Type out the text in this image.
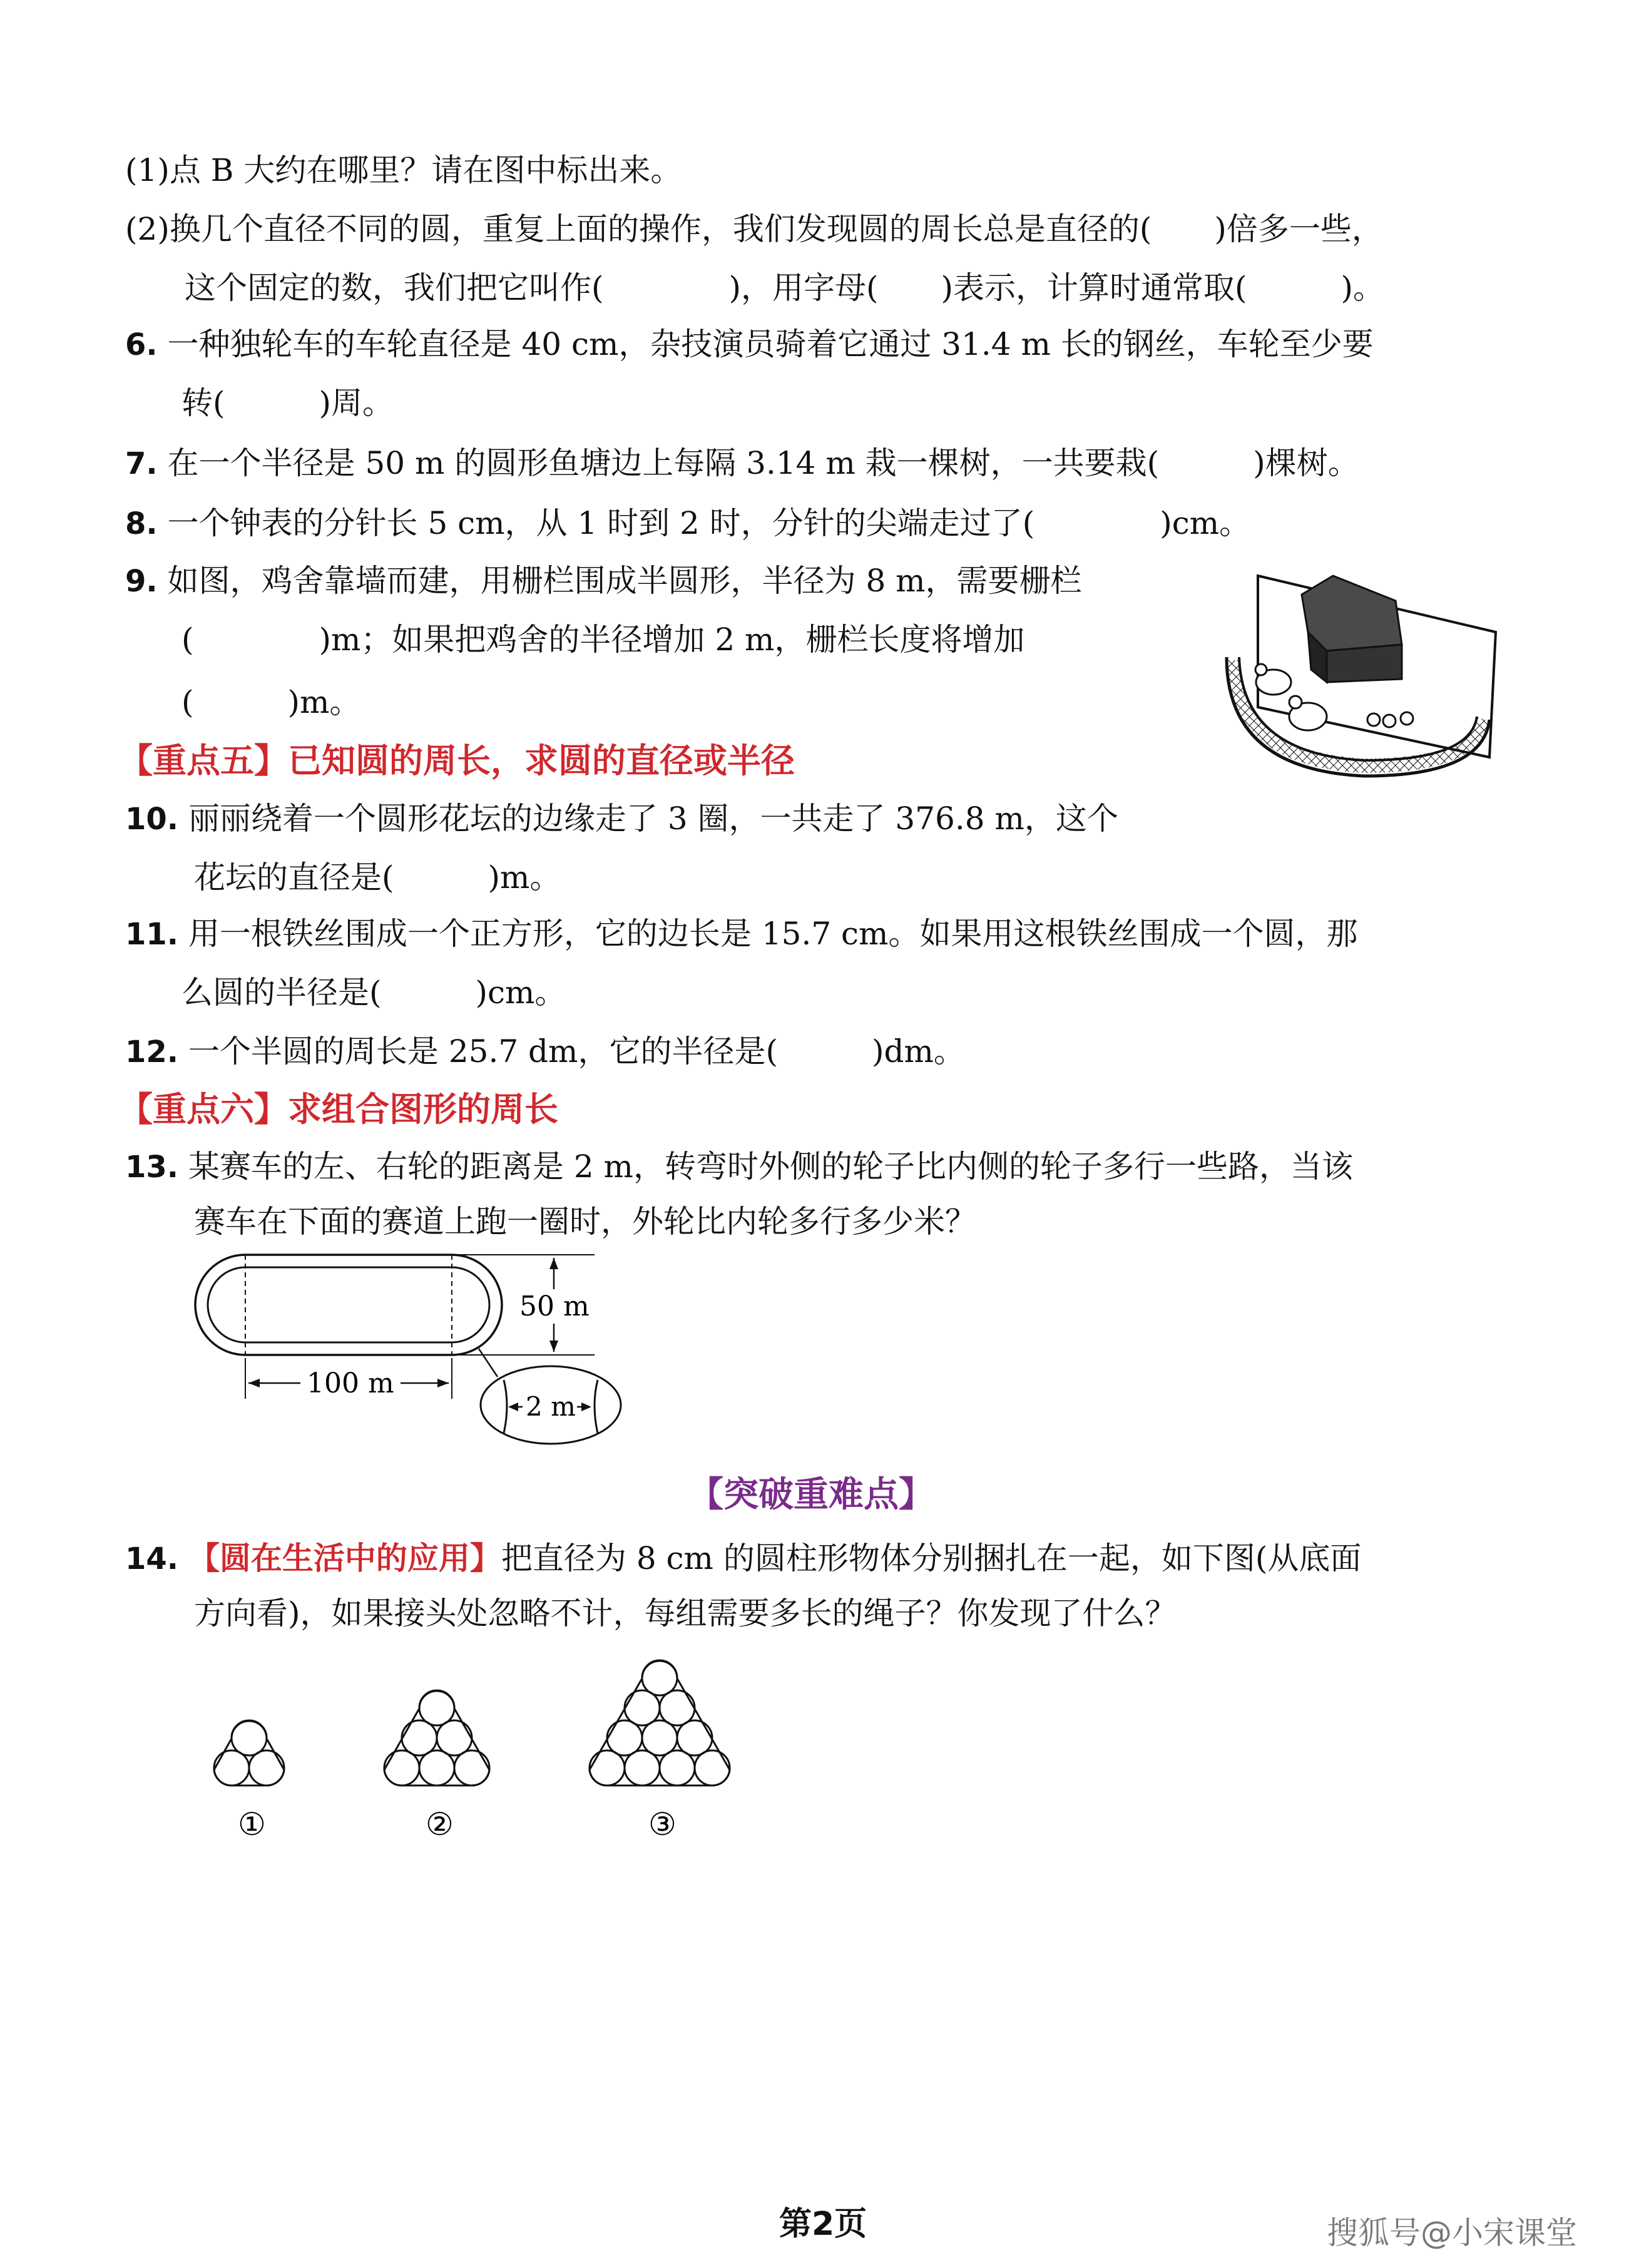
(1)点 B 大约在哪里？请在图中标出来。
(2)换几个直径不同的圆，重复上面的操作，我们发现圆的周长总是直径的(　　)倍多一些，
这个固定的数，我们把它叫作(　　　　)，用字母(　　)表示，计算时通常取(　　　)。
6. 一种独轮车的车轮直径是 40 cm，杂技演员骑着它通过 31.4 m 长的钢丝，车轮至少要
转(　　　)周。
7. 在一个半径是 50 m 的圆形鱼塘边上每隔 3.14 m 栽一棵树，一共要栽(　　　)棵树。
8. 一个钟表的分针长 5 cm，从 1 时到 2 时，分针的尖端走过了(　　　　)cm。
9. 如图，鸡舍靠墙而建，用栅栏围成半圆形，半径为 8 m，需要栅栏
(　　　　)m；如果把鸡舍的半径增加 2 m，栅栏长度将增加
(　　　)m。
【重点五】已知圆的周长，求圆的直径或半径
10. 丽丽绕着一个圆形花坛的边缘走了 3 圈，一共走了 376.8 m，这个
花坛的直径是(　　　)m。
11. 用一根铁丝围成一个正方形，它的边长是 15.7 cm。如果用这根铁丝围成一个圆，那
么圆的半径是(　　　)cm。
12. 一个半圆的周长是 25.7 dm，它的半径是(　　　)dm。
【重点六】求组合图形的周长
13. 某赛车的左、右轮的距离是 2 m，转弯时外侧的轮子比内侧的轮子多行一些路，当该
赛车在下面的赛道上跑一圈时，外轮比内轮多行多少米？
50 m
100 m
2 m
【突破重难点】
14. 【圆在生活中的应用】把直径为 8 cm 的圆柱形物体分别捆扎在一起，如下图(从底面
方向看)，如果接头处忽略不计，每组需要多长的绳子？你发现了什么？
①	②	③
第2页	搜狐号@小宋课堂
